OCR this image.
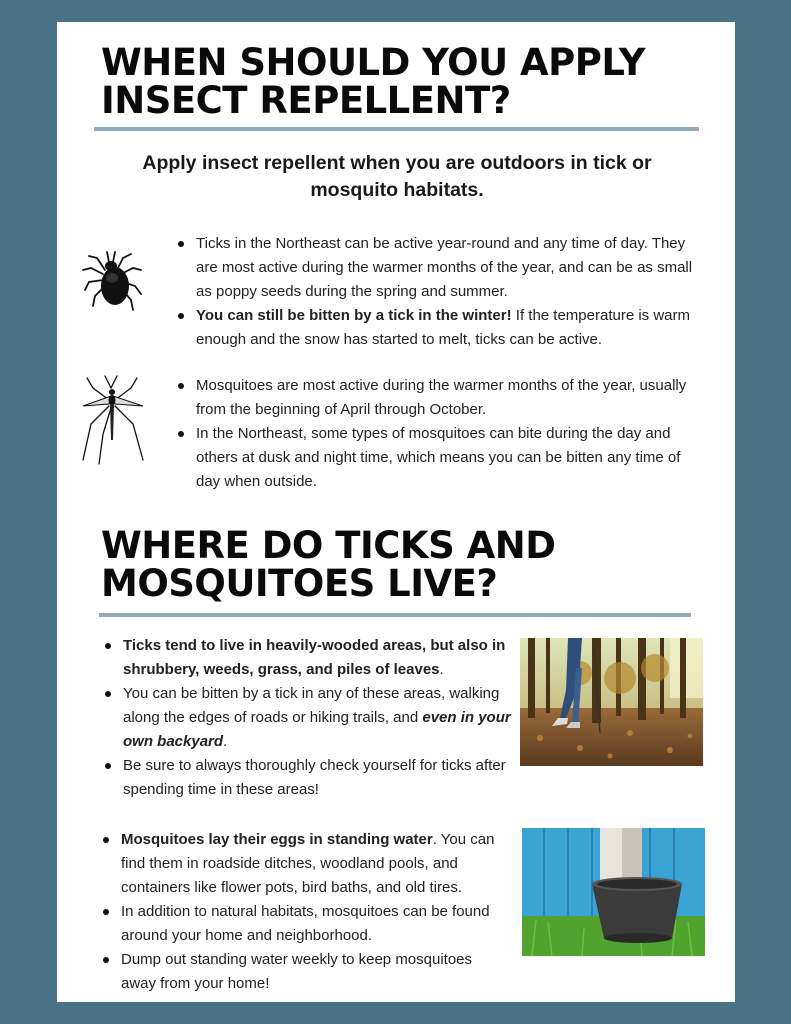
WHEN SHOULD YOU APPLY
INSECT REPELLENT?

Apply insect repellent when you are outdoors in tick or mosquito habitats.

Ticks in the Northeast can be active year-round and any time of day. They are most active during the warmer months of the year, and can be as small as poppy seeds during the spring and summer.
You can still be bitten by a tick in the winter! If the temperature is warm enough and the snow has started to melt, ticks can be active.
Mosquitoes are most active during the warmer months of the year, usually from the beginning of April through October.
In the Northeast, some types of mosquitoes can bite during the day and others at dusk and night time, which means you can be bitten any time of day when outside.
WHERE DO TICKS AND
MOSQUITOES LIVE?
Ticks tend to live in heavily-wooded areas, but also in shrubbery, weeds, grass, and piles of leaves.
You can be bitten by a tick in any of these areas, walking along the edges of roads or hiking trails, and even in your own backyard.
Be sure to always thoroughly check yourself for ticks after spending time in these areas!
Mosquitoes lay their eggs in standing water. You can find them in roadside ditches, woodland pools, and containers like flower pots, bird baths, and old tires.
In addition to natural habitats, mosquitoes can be found around your home and neighborhood.
Dump out standing water weekly to keep mosquitoes away from your home!
